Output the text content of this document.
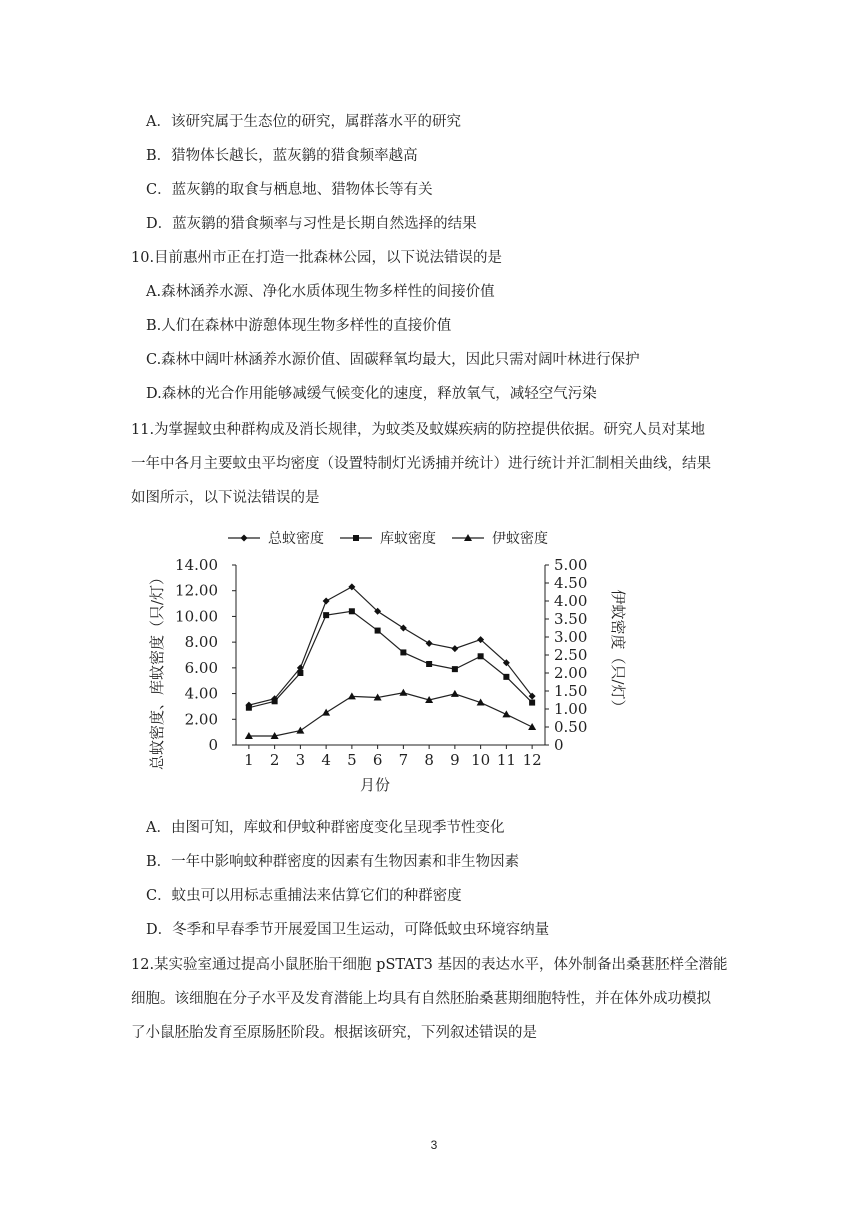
A．该研究属于生态位的研究，属群落水平的研究
B．猎物体长越长，蓝灰鹟的猎食频率越高
C．蓝灰鹟的取食与栖息地、猎物体长等有关
D．蓝灰鹟的猎食频率与习性是长期自然选择的结果
10.目前惠州市正在打造一批森林公园，以下说法错误的是
A.森林涵养水源、净化水质体现生物多样性的间接价值
B.人们在森林中游憩体现生物多样性的直接价值
C.森林中阔叶林涵养水源价值、固碳释氧均最大，因此只需对阔叶林进行保护
D.森林的光合作用能够减缓气候变化的速度，释放氧气，减轻空气污染
11.为掌握蚊虫种群构成及消长规律，为蚊类及蚊媒疾病的防控提供依据。研究人员对某地
一年中各月主要蚊虫平均密度（设置特制灯光诱捕并统计）进行统计并汇制相关曲线，结果
如图所示，以下说法错误的是
总蚊密度	库蚊密度	伊蚊密度
0
2.00
4.00
6.00
8.00
10.00
12.00
14.00
0
0.50
1.00
1.50
2.00
2.50
3.00
3.50
4.00
4.50
5.00
1 2 3 4 5 6 7 8 9 10 11 12
总蚊密度、库蚊密度（只/灯）	伊蚊密度（只/灯）
月份
A．由图可知，库蚊和伊蚊种群密度变化呈现季节性变化
B．一年中影响蚊种群密度的因素有生物因素和非生物因素
C．蚊虫可以用标志重捕法来估算它们的种群密度
D．冬季和早春季节开展爱国卫生运动，可降低蚊虫环境容纳量
12.某实验室通过提高小鼠胚胎干细胞 pSTAT3 基因的表达水平，体外制备出桑葚胚样全潜能
细胞。该细胞在分子水平及发育潜能上均具有自然胚胎桑葚期细胞特性，并在体外成功模拟
了小鼠胚胎发育至原肠胚阶段。根据该研究，下列叙述错误的是
3
